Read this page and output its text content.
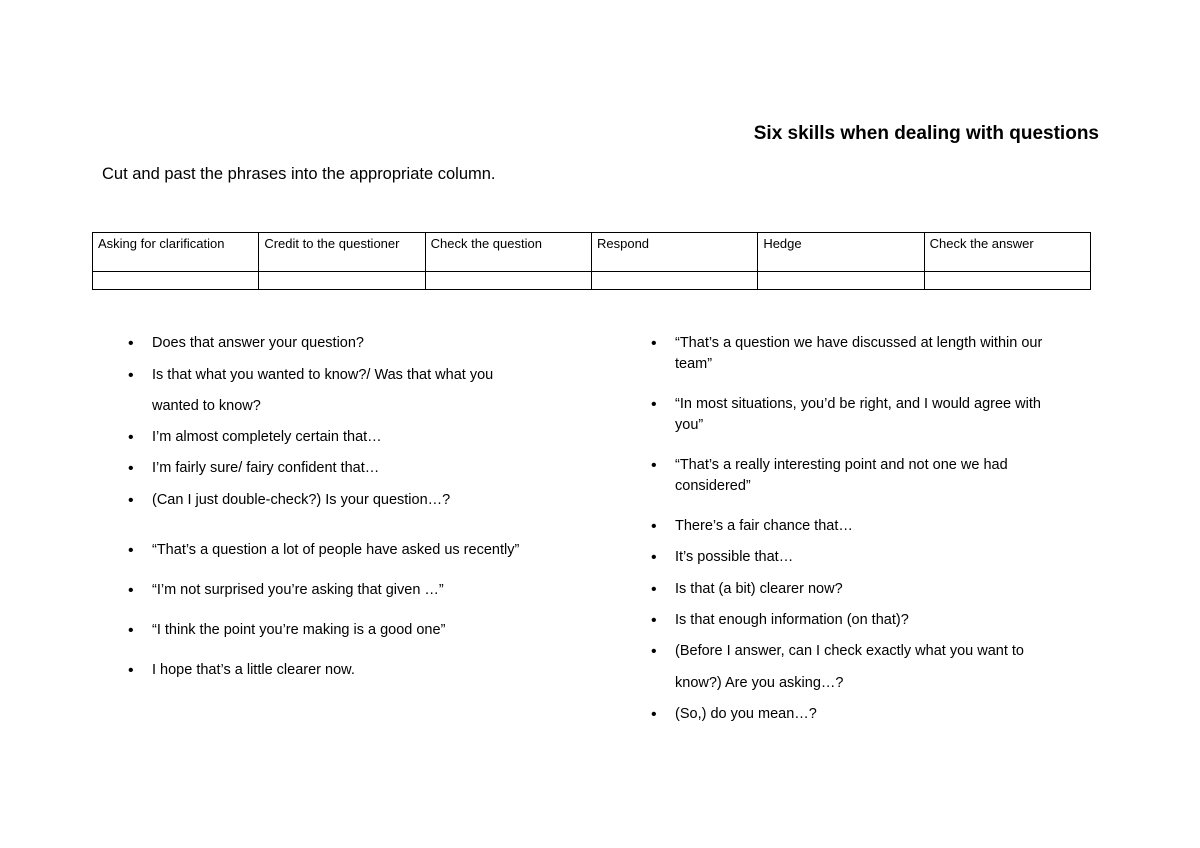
Six skills when dealing with questions
Cut and past the phrases into the appropriate column.
Asking for clarification	Credit to the questioner	Check the question	Respond	Hedge	Check the answer

• Does that answer your question?
• Is that what you wanted to know?/ Was that what you
wanted to know?
• I’m almost completely certain that…
• I’m fairly sure/ fairy confident that…
• (Can I just double-check?) Is your question…?
• “That’s a question a lot of people have asked us recently”
• “I’m not surprised you’re asking that given …”
• “I think the point you’re making is a good one”
• I hope that’s a little clearer now.
• “That’s a question we have discussed at length within our
team”
• “In most situations, you’d be right, and I would agree with
you”
• “That’s a really interesting point and not one we had
considered”
• There’s a fair chance that…
• It’s possible that…
• Is that (a bit) clearer now?
• Is that enough information (on that)?
• (Before I answer, can I check exactly what you want to
know?) Are you asking…?
• (So,) do you mean…?
